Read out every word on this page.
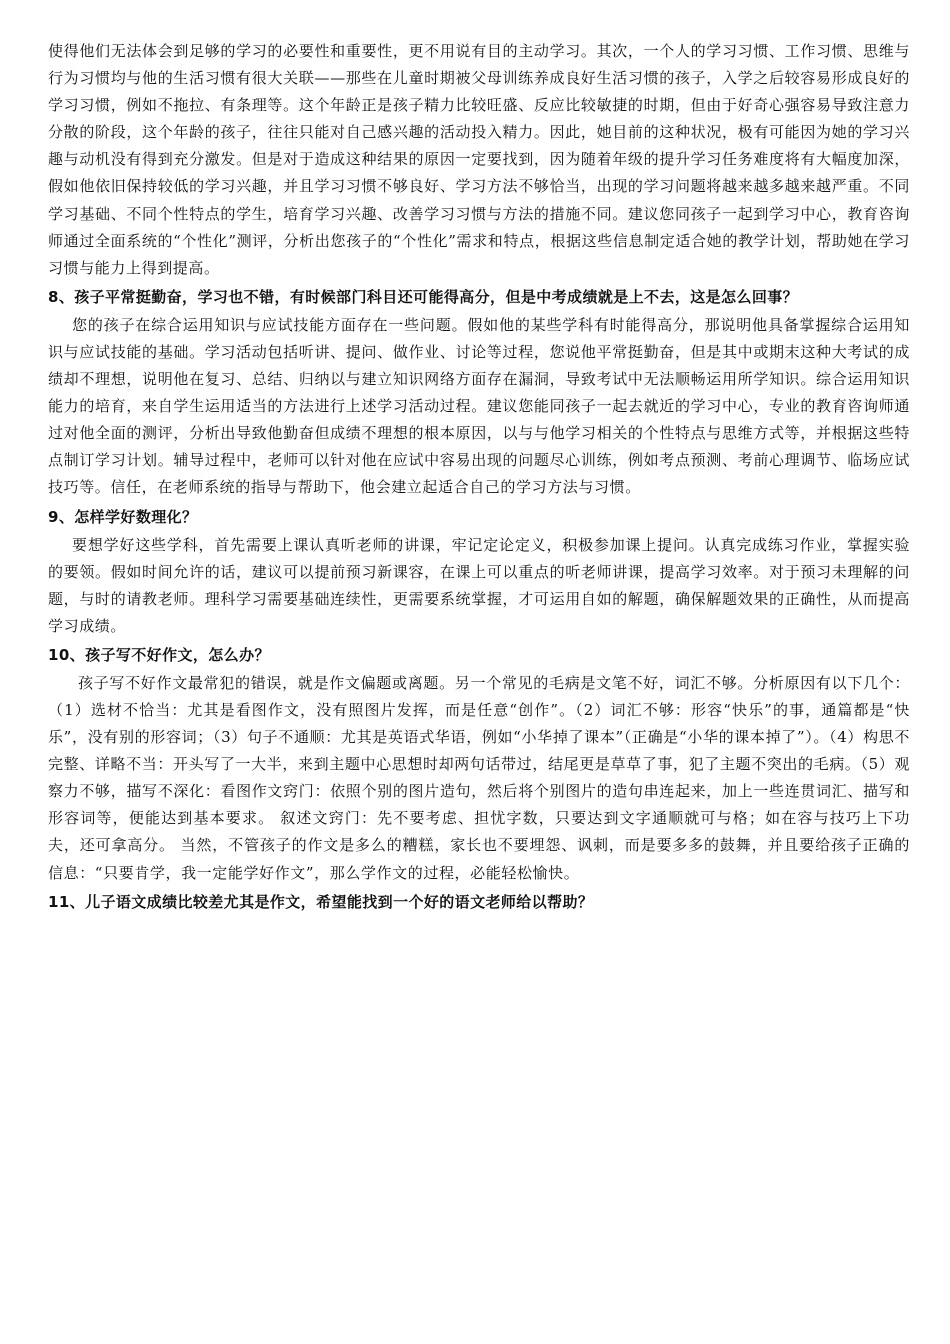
使得他们无法体会到足够的学习的必要性和重要性，更不用说有目的主动学习。其次，一个人的学习习惯、工作习惯、思维与行为习惯均与他的生活习惯有很大关联——那些在儿童时期被父母训练养成良好生活习惯的孩子，入学之后较容易形成良好的学习习惯，例如不拖拉、有条理等。这个年龄正是孩子精力比较旺盛、反应比较敏捷的时期，但由于好奇心强容易导致注意力分散的阶段，这个年龄的孩子，往往只能对自己感兴趣的活动投入精力。因此，她目前的这种状况，极有可能因为她的学习兴趣与动机没有得到充分激发。但是对于造成这种结果的原因一定要找到，因为随着年级的提升学习任务难度将有大幅度加深，假如他依旧保持较低的学习兴趣，并且学习习惯不够良好、学习方法不够恰当，出现的学习问题将越来越多越来越严重。不同学习基础、不同个性特点的学生，培育学习兴趣、改善学习习惯与方法的措施不同。建议您同孩子一起到学习中心，教育咨询师通过全面系统的“个性化”测评，分析出您孩子的“个性化”需求和特点，根据这些信息制定适合她的教学计划，帮助她在学习习惯与能力上得到提高。

8、孩子平常挺勤奋，学习也不错，有时候部门科目还可能得高分，但是中考成绩就是上不去，这是怎么回事？

您的孩子在综合运用知识与应试技能方面存在一些问题。假如他的某些学科有时能得高分，那说明他具备掌握综合运用知识与应试技能的基础。学习活动包括听讲、提问、做作业、讨论等过程，您说他平常挺勤奋，但是其中或期末这种大考试的成绩却不理想，说明他在复习、总结、归纳以与建立知识网络方面存在漏洞，导致考试中无法顺畅运用所学知识。综合运用知识能力的培育，来自学生运用适当的方法进行上述学习活动过程。建议您能同孩子一起去就近的学习中心，专业的教育咨询师通过对他全面的测评，分析出导致他勤奋但成绩不理想的根本原因，以与与他学习相关的个性特点与思维方式等，并根据这些特点制订学习计划。辅导过程中，老师可以针对他在应试中容易出现的问题尽心训练，例如考点预测、考前心理调节、临场应试技巧等。信任，在老师系统的指导与帮助下，他会建立起适合自己的学习方法与习惯。

9、怎样学好数理化？

要想学好这些学科，首先需要上课认真听老师的讲课，牢记定论定义，积极参加课上提问。认真完成练习作业，掌握实验的要领。假如时间允许的话，建议可以提前预习新课容，在课上可以重点的听老师讲课，提高学习效率。对于预习未理解的问题，与时的请教老师。理科学习需要基础连续性，更需要系统掌握，才可运用自如的解题，确保解题效果的正确性，从而提高学习成绩。

10、孩子写不好作文，怎么办？

孩子写不好作文最常犯的错误，就是作文偏题或离题。另一个常见的毛病是文笔不好，词汇不够。分析原因有以下几个：（1）选材不恰当：尤其是看图作文，没有照图片发挥，而是任意“创作”。（2）词汇不够：形容“快乐”的事，通篇都是“快乐”，没有别的形容词；（3）句子不通顺：尤其是英语式华语，例如“小华掉了课本”（正确是“小华的课本掉了”）。（4）构思不完整、详略不当：开头写了一大半，来到主题中心思想时却两句话带过，结尾更是草草了事，犯了主题不突出的毛病。（5）观察力不够，描写不深化：看图作文窍门：依照个别的图片造句，然后将个别图片的造句串连起来，加上一些连贯词汇、描写和形容词等，便能达到基本要求。 叙述文窍门：先不要考虑、担忧字数，只要达到文字通顺就可与格；如在容与技巧上下功夫，还可拿高分。 当然，不管孩子的作文是多么的糟糕，家长也不要埋怨、讽刺，而是要多多的鼓舞，并且要给孩子正确的信息：“只要肯学，我一定能学好作文”，那么学作文的过程，必能轻松愉快。

11、儿子语文成绩比较差尤其是作文，希望能找到一个好的语文老师给以帮助？
